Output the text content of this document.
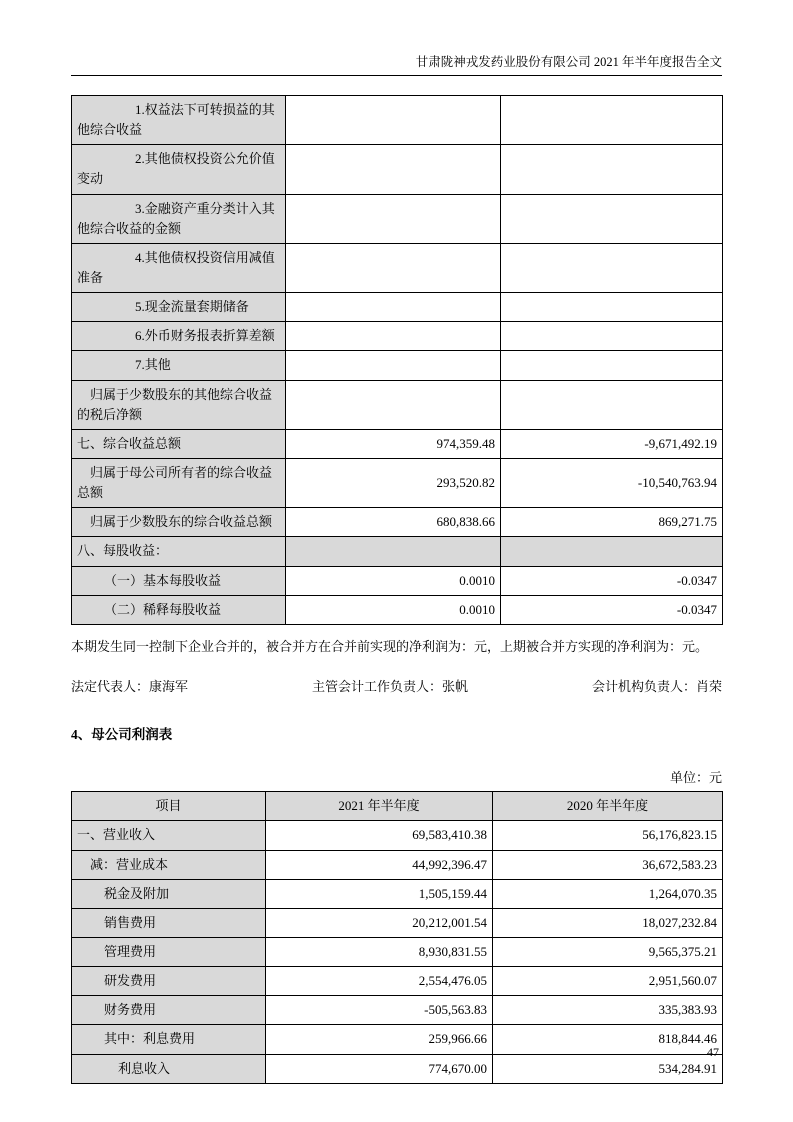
甘肃陇神戎发药业股份有限公司 2021 年半年度报告全文
1.权益法下可转损益的其他综合收益		
2.其他债权投资公允价值变动		
3.金融资产重分类计入其他综合收益的金额		
4.其他债权投资信用减值准备		
5.现金流量套期储备		
6.外币财务报表折算差额		
7.其他		
归属于少数股东的其他综合收益的税后净额		
七、综合收益总额	974,359.48	-9,671,492.19
归属于母公司所有者的综合收益总额	293,520.82	-10,540,763.94
归属于少数股东的综合收益总额	680,838.66	869,271.75
八、每股收益：		
（一）基本每股收益	0.0010	-0.0347
（二）稀释每股收益	0.0010	-0.0347

本期发生同一控制下企业合并的，被合并方在合并前实现的净利润为：元，上期被合并方实现的净利润为：元。

法定代表人：康海军	主管会计工作负责人：张帆	会计机构负责人：肖荣
4、母公司利润表
单位：元
项目	2021 年半年度	2020 年半年度
一、营业收入	69,583,410.38	56,176,823.15
减：营业成本	44,992,396.47	36,672,583.23
税金及附加	1,505,159.44	1,264,070.35
销售费用	20,212,001.54	18,027,232.84
管理费用	8,930,831.55	9,565,375.21
研发费用	2,554,476.05	2,951,560.07
财务费用	-505,563.83	335,383.93
其中：利息费用	259,966.66	818,844.46
利息收入	774,670.00	534,284.91
47
